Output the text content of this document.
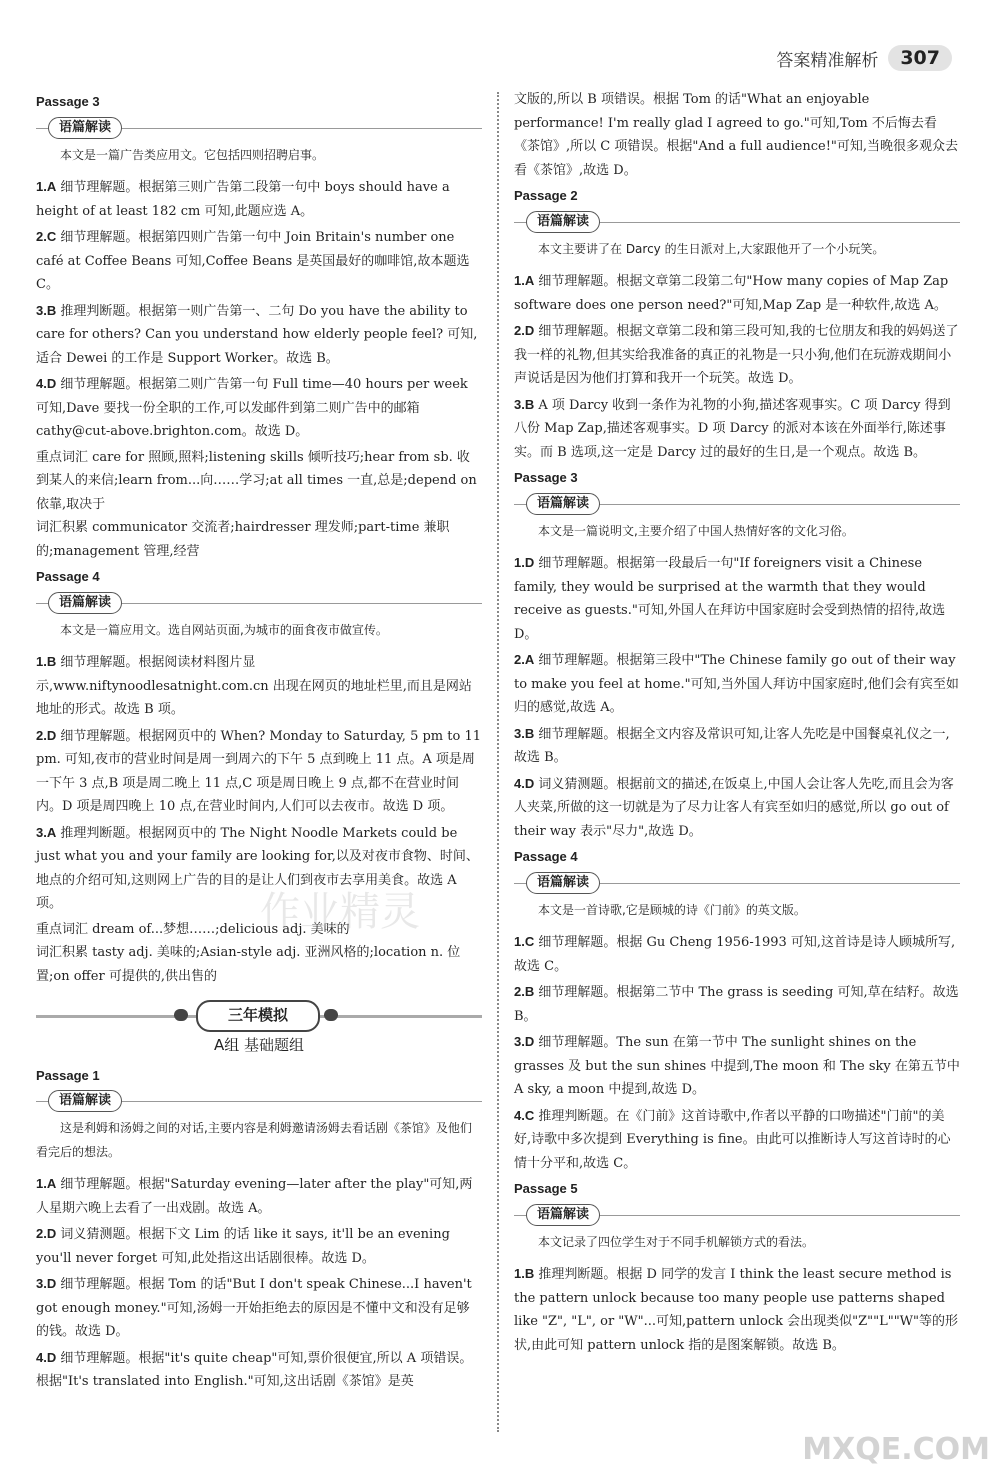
答案精准解析	307
Passage 3
语篇解读
本文是一篇广告类应用文。它包括四则招聘启事。
1.A 细节理解题。根据第三则广告第二段第一句中 boys should have a height of at least 182 cm 可知,此题应选 A。
2.C 细节理解题。根据第四则广告第一句中 Join Britain's number one café at Coffee Beans 可知,Coffee Beans 是英国最好的咖啡馆,故本题选 C。
3.B 推理判断题。根据第一则广告第一、二句 Do you have the ability to care for others? Can you understand how elderly people feel? 可知,适合 Dewei 的工作是 Support Worker。故选 B。
4.D 细节理解题。根据第二则广告第一句 Full time—40 hours per week 可知,Dave 要找一份全职的工作,可以发邮件到第二则广告中的邮箱 cathy@cut-above.brighton.com。故选 D。
重点词汇 care for 照顾,照料;listening skills 倾听技巧;hear from sb. 收到某人的来信;learn from...向……学习;at all times 一直,总是;depend on 依靠,取决于
词汇积累 communicator 交流者;hairdresser 理发师;part-time 兼职的;management 管理,经营
Passage 4
语篇解读
本文是一篇应用文。选自网站页面,为城市的面食夜市做宣传。
1.B 细节理解题。根据阅读材料图片显示,www.niftynoodlesatnight.com.cn 出现在网页的地址栏里,而且是网站地址的形式。故选 B 项。
2.D 细节理解题。根据网页中的 When? Monday to Saturday, 5 pm to 11 pm. 可知,夜市的营业时间是周一到周六的下午 5 点到晚上 11 点。A 项是周一下午 3 点,B 项是周二晚上 11 点,C 项是周日晚上 9 点,都不在营业时间内。D 项是周四晚上 10 点,在营业时间内,人们可以去夜市。故选 D 项。
3.A 推理判断题。根据网页中的 The Night Noodle Markets could be just what you and your family are looking for,以及对夜市食物、时间、地点的介绍可知,这则网上广告的目的是让人们到夜市去享用美食。故选 A 项。
重点词汇 dream of...梦想……;delicious adj. 美味的
词汇积累 tasty adj. 美味的;Asian-style adj. 亚洲风格的;location n. 位置;on offer 可提供的,供出售的
三年模拟
A组 基础题组
Passage 1
语篇解读
这是利姆和汤姆之间的对话,主要内容是利姆邀请汤姆去看话剧《茶馆》及他们看完后的想法。
1.A 细节理解题。根据"Saturday evening—later after the play"可知,两人星期六晚上去看了一出戏剧。故选 A。
2.D 词义猜测题。根据下文 Lim 的话 like it says, it'll be an evening you'll never forget 可知,此处指这出话剧很棒。故选 D。
3.D 细节理解题。根据 Tom 的话"But I don't speak Chinese...I haven't got enough money."可知,汤姆一开始拒绝去的原因是不懂中文和没有足够的钱。故选 D。
4.D 细节理解题。根据"it's quite cheap"可知,票价很便宜,所以 A 项错误。根据"It's translated into English."可知,这出话剧《茶馆》是英
文版的,所以 B 项错误。根据 Tom 的话"What an enjoyable performance! I'm really glad I agreed to go."可知,Tom 不后悔去看《茶馆》,所以 C 项错误。根据"And a full audience!"可知,当晚很多观众去看《茶馆》,故选 D。
Passage 2
语篇解读
本文主要讲了在 Darcy 的生日派对上,大家跟他开了一个小玩笑。
1.A 细节理解题。根据文章第二段第二句"How many copies of Map Zap software does one person need?"可知,Map Zap 是一种软件,故选 A。
2.D 细节理解题。根据文章第二段和第三段可知,我的七位朋友和我的妈妈送了我一样的礼物,但其实给我准备的真正的礼物是一只小狗,他们在玩游戏期间小声说话是因为他们打算和我开一个玩笑。故选 D。
3.B A 项 Darcy 收到一条作为礼物的小狗,描述客观事实。C 项 Darcy 得到八份 Map Zap,描述客观事实。D 项 Darcy 的派对本该在外面举行,陈述事实。而 B 选项,这一定是 Darcy 过的最好的生日,是一个观点。故选 B。
Passage 3
语篇解读
本文是一篇说明文,主要介绍了中国人热情好客的文化习俗。
1.D 细节理解题。根据第一段最后一句"If foreigners visit a Chinese family, they would be surprised at the warmth that they would receive as guests."可知,外国人在拜访中国家庭时会受到热情的招待,故选 D。
2.A 细节理解题。根据第三段中"The Chinese family go out of their way to make you feel at home."可知,当外国人拜访中国家庭时,他们会有宾至如归的感觉,故选 A。
3.B 细节理解题。根据全文内容及常识可知,让客人先吃是中国餐桌礼仪之一,故选 B。
4.D 词义猜测题。根据前文的描述,在饭桌上,中国人会让客人先吃,而且会为客人夹菜,所做的这一切就是为了尽力让客人有宾至如归的感觉,所以 go out of their way 表示"尽力",故选 D。
Passage 4
语篇解读
本文是一首诗歌,它是顾城的诗《门前》的英文版。
1.C 细节理解题。根据 Gu Cheng 1956-1993 可知,这首诗是诗人顾城所写,故选 C。
2.B 细节理解题。根据第二节中 The grass is seeding 可知,草在结籽。故选 B。
3.D 细节理解题。The sun 在第一节中 The sunlight shines on the grasses 及 but the sun shines 中提到,The moon 和 The sky 在第五节中 A sky, a moon 中提到,故选 D。
4.C 推理判断题。在《门前》这首诗歌中,作者以平静的口吻描述"门前"的美好,诗歌中多次提到 Everything is fine。由此可以推断诗人写这首诗时的心情十分平和,故选 C。
Passage 5
语篇解读
本文记录了四位学生对于不同手机解锁方式的看法。
1.B 推理判断题。根据 D 同学的发言 I think the least secure method is the pattern unlock because too many people use patterns shaped like "Z", "L", or "W"...可知,pattern unlock 会出现类似"Z""L""W"等的形状,由此可知 pattern unlock 指的是图案解锁。故选 B。
作业精灵
MXQE.COM
